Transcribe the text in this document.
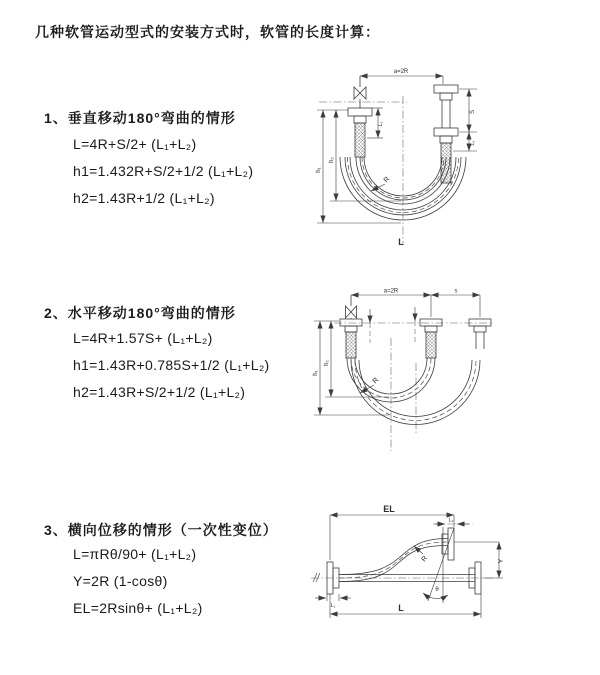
几种软管运动型式的安装方式时，软管的长度计算：
1、垂直移动180°弯曲的情形
L=4R+S/2+ (L₁+L₂)
h1=1.432R+S/2+1/2 (L₁+L₂)
h2=1.43R+1/2 (L₁+L₂)
a=2R
h₁
h₂
L₁
S
L₂
R
L
2、水平移动180°弯曲的情形
L=4R+1.57S+ (L₁+L₂)
h1=1.43R+0.785S+1/2 (L₁+L₂)
h2=1.43R+S/2+1/2 (L₁+L₂)
a=2R	s
h₁
h₂
R
3、横向位移的情形（一次性变位）
L=πRθ/90+ (L₁+L₂)
Y=2R (1-cosθ)
EL=2Rsinθ+ (L₁+L₂)
EL
L₂
Y
θ
R
L₁	L
